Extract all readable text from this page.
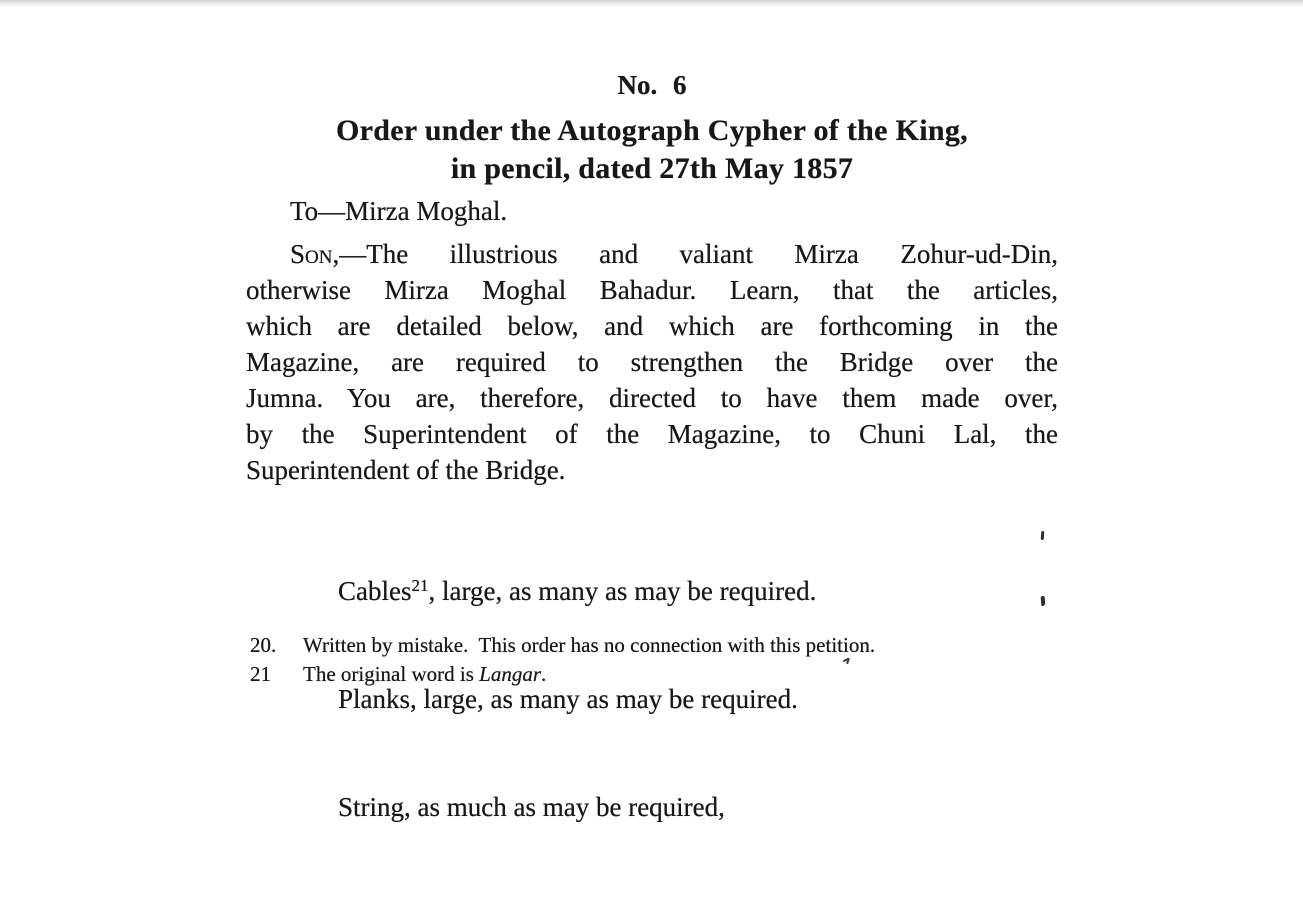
No. 6
Order under the Autograph Cypher of the King,
in pencil, dated 27th May 1857
To—Mirza Moghal.
Son,—The illustrious and valiant Mirza Zohur-ud-Din,
otherwise Mirza Moghal Bahadur. Learn, that the articles,
which are detailed below, and which are forthcoming in the
Magazine, are required to strengthen the Bridge over the
Jumna. You are, therefore, directed to have them made over,
by the Superintendent of the Magazine, to Chuni Lal, the
Superintendent of the Bridge.

Cables$^{21}$, large, as many as may be required.

Planks, large, as many as may be required.

String, as much as may be required,

20.	Written by mistake.  This order has no connection with this petition.
21	The original word is Langar.
